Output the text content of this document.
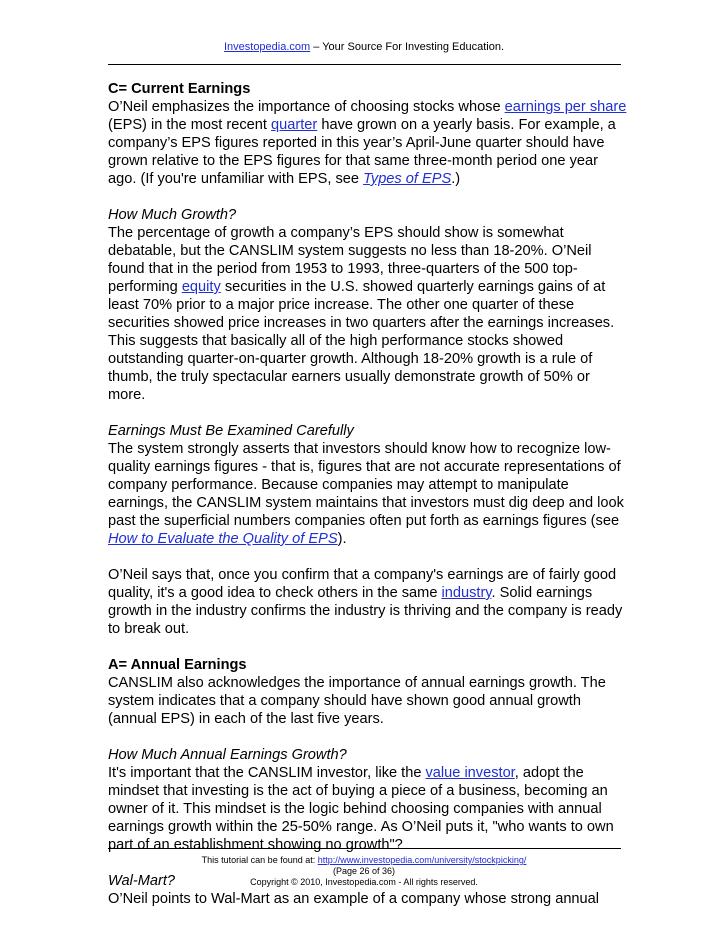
Investopedia.com – Your Source For Investing Education.

C= Current Earnings
O’Neil emphasizes the importance of choosing stocks whose earnings per share (EPS) in the most recent quarter have grown on a yearly basis. For example, a company’s EPS figures reported in this year’s April-June quarter should have grown relative to the EPS figures for that same three-month period one year ago. (If you're unfamiliar with EPS, see Types of EPS.)

How Much Growth?
The percentage of growth a company’s EPS should show is somewhat debatable, but the CANSLIM system suggests no less than 18-20%. O’Neil found that in the period from 1953 to 1993, three-quarters of the 500 top-performing equity securities in the U.S. showed quarterly earnings gains of at least 70% prior to a major price increase. The other one quarter of these securities showed price increases in two quarters after the earnings increases. This suggests that basically all of the high performance stocks showed outstanding quarter-on-quarter growth. Although 18-20% growth is a rule of thumb, the truly spectacular earners usually demonstrate growth of 50% or more.

Earnings Must Be Examined Carefully
The system strongly asserts that investors should know how to recognize low-quality earnings figures - that is, figures that are not accurate representations of company performance. Because companies may attempt to manipulate earnings, the CANSLIM system maintains that investors must dig deep and look past the superficial numbers companies often put forth as earnings figures (see How to Evaluate the Quality of EPS).

O’Neil says that, once you confirm that a company's earnings are of fairly good quality, it's a good idea to check others in the same industry. Solid earnings growth in the industry confirms the industry is thriving and the company is ready to break out.

A= Annual Earnings
CANSLIM also acknowledges the importance of annual earnings growth. The system indicates that a company should have shown good annual growth (annual EPS) in each of the last five years.

How Much Annual Earnings Growth?
It's important that the CANSLIM investor, like the value investor, adopt the mindset that investing is the act of buying a piece of a business, becoming an owner of it. This mindset is the logic behind choosing companies with annual earnings growth within the 25-50% range. As O’Neil puts it, "who wants to own part of an establishment showing no growth"?

Wal-Mart?
O’Neil points to Wal-Mart as an example of a company whose strong annual

This tutorial can be found at: http://www.investopedia.com/university/stockpicking/
(Page 26 of 36)
Copyright © 2010, Investopedia.com - All rights reserved.
